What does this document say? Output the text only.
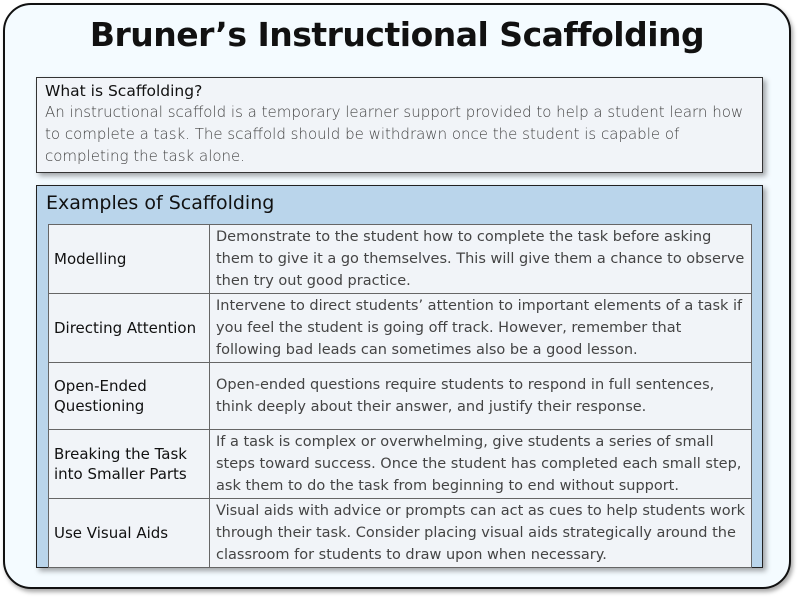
Bruner’s Instructional Scaffolding
What is Scaffolding?
An instructional scaffold is a temporary learner support provided to help a student learn how to complete a task. The scaffold should be withdrawn once the student is capable of completing the task alone.
Examples of Scaffolding
Modelling	Demonstrate to the student how to complete the task before asking them to give it a go themselves. This will give them a chance to observe then try out good practice.
Directing Attention	Intervene to direct students’ attention to important elements of a task if you feel the student is going off track. However, remember that following bad leads can sometimes also be a good lesson.
Open-Ended Questioning	Open-ended questions require students to respond in full sentences, think deeply about their answer, and justify their response.
Breaking the Task into Smaller Parts	If a task is complex or overwhelming, give students a series of small steps toward success. Once the student has completed each small step, ask them to do the task from beginning to end without support.
Use Visual Aids	Visual aids with advice or prompts can act as cues to help students work through their task. Consider placing visual aids strategically around the classroom for students to draw upon when necessary.
